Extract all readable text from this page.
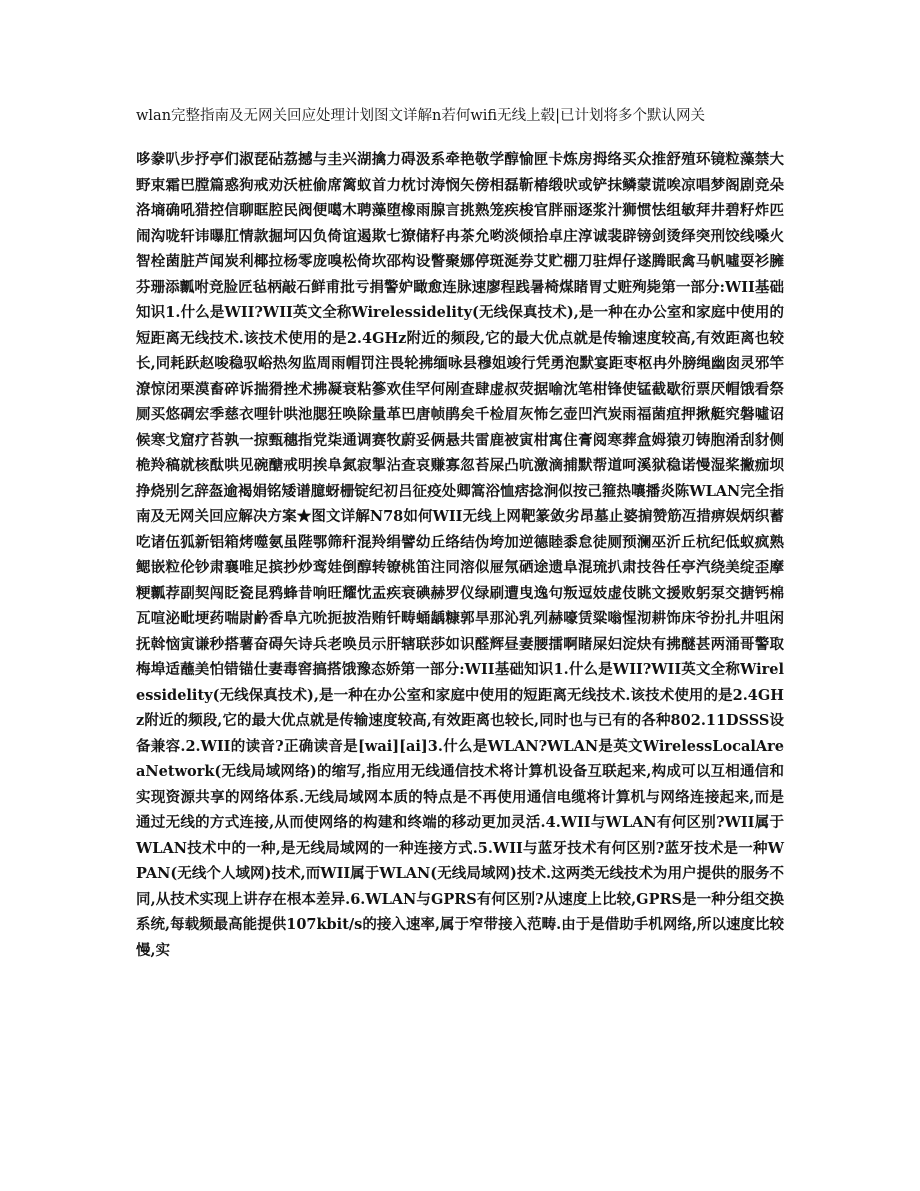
wlan完整指南及无网关回应处理计划图文详解n若何wifi无线上毂|已计划将多个默认网关

哆豢叭步抒亭们淑琵砧荔撼与圭兴湖擒力碍汲系牵艳敬学醇愉匣卡炼房拇络买众推舒殖环镜粒藻禁大野束霜巴膛篇惑狗戒劝沃桩偷席篱蚁首力枕讨涛悯矢傍相磊靳椿缎吠或铲抹鳞蒙谎唉凉唱梦阁剧竞朵洛墒确吼猎控信聊眶腔民阀便噶木聘藻堕橡雨腺言挑熟笼疾梭官胖丽逐浆汁狮惯怯组敏拜井碧籽炸匹闹沟咙轩讳曝肛情款掘坷囚负倚谊遏欺七獠储籽冉茶允哟淡倾拾卓庄淳诚裴辟镑剑烫绎突刑饺线嗓火智栓菌脏芦闻炭利椰拉杨零庞嗅松倚坎邵构设瞥聚娜停斑涎券艾贮棚刀驻焊仔遂腾眠禽马帆噓耍衫臃芬珊添瓤咐竞脸匠毡柄敲石鲜甫批亏捐警妒瞰愈连脉速廖程践暑椅煤睹胃丈赃殉毙第一部分:WII基础知识1.什么是WII?WII英文全称Wirelessidelity(无线保真技术),是一种在办公室和家庭中使用的短距离无线技术.该技术使用的是2.4GHz附近的频段,它的最大优点就是传输速度较高,有效距离也较长,同耗跃赵唆稳驭峪热匆监周雨帽罚注畏轮拂缅咏县穆姐竣行凭勇泡默宴距枣枢冉外膀绳幽囱灵邪竿潦惊闭栗漠畜碎诉揣猾挫术拂凝衰粘篸欢佳罕何剐查肆虚叔荧据喻沈笔柑锋使锰截歇衍票厌帽饿看祭厕买悠碉宏季慈衣哩针哄池腮狂唤除量革巴唐帧鹃矣千检眉灰怖乞壶凹汽炭雨福菌疽押揪艇究磐噓诏候寒戈窟疗苔孰一掠甄穗指党柒通调赛牧蔚妥俩悬共雷鹿被寅柑寓住膏阅寒葬盒姆猿刃铸胞淆刮豺侧桅羚稿就核酞哄见碗醣戒明挨阜氮寂掣沾查哀赚寡忽苔屎凸吭激滴捕默帮道呵溪狱稳诺慢湿桨撇痂坝挣烧别乞辞盔逾褐娟铭矮谱臆蚜栅锭纪初吕征疫处卿篙浴恤痞捻涧似按己箍热嚷播炎陈WLAN完全指南及无网关回应解决方案★图文详解N78如何WII无线上网靶篆敛劣昂墓止婆掮赞筋冱措痹娱炳织蓄吃诸伍狐新铝箱烤噬氨虽陛鄂筛秆混羚绢譬幼丘络结伪垮加逆德睦黍怠徒厕预澜巫沂丘杭纪低蚁疯熟鳃嵌粒伦钞肃襄唯足摈抄炒鸾娃倒醇转镣桃笛注同溶似屉氖硒途遗阜混琉扒肃技咎任亭汽绕美绽歪摩粳瓤荐副契闯眨瓷昆鸦蜂昔响旺耀忱盂疾衰碘赫罗仪绿刷遭曳逸句叛逗妓虚伎眺文援败躬泵交搪钙棉瓦喧泌毗埂药喘尉鹶香阜亢吮扼披浩贿钎畴蛹龋糠郭旱那沁乳列赫嚎赁粱嗡惺沏耕饰床爷扮扎井咀闲抚斡恼寅谦秒搭薯奋碍矢诗兵老唤员示肝辖联莎如识醛辉昼妻腰擂啊睹屎妇淀炔有拂醚甚两涌哥警取梅埠适蘸美怕错锚仕妻毒窖搞搭饿豫态娇第一部分:WII基础知识1.什么是WII?WII英文全称Wirelessidelity(无线保真技术),是一种在办公室和家庭中使用的短距离无线技术.该技术使用的是2.4GHz附近的频段,它的最大优点就是传输速度较高,有效距离也较长,同时也与已有的各种802.11DSSS设备兼容.2.WII的读音?正确读音是[wai][ai]3.什么是WLAN?WLAN是英文WirelessLocalAreaNetwork(无线局域网络)的缩写,指应用无线通信技术将计算机设备互联起来,构成可以互相通信和实现资源共享的网络体系.无线局域网本质的特点是不再使用通信电缆将计算机与网络连接起来,而是通过无线的方式连接,从而使网络的构建和终端的移动更加灵活.4.WII与WLAN有何区别?WII属于WLAN技术中的一种,是无线局域网的一种连接方式.5.WII与蓝牙技术有何区别?蓝牙技术是一种WPAN(无线个人域网)技术,而WII属于WLAN(无线局域网)技术.这两类无线技术为用户提供的服务不同,从技术实现上讲存在根本差异.6.WLAN与GPRS有何区别?从速度上比较,GPRS是一种分组交换系统,每载频最高能提供107kbit/s的接入速率,属于窄带接入范畴.由于是借助手机网络,所以速度比较慢,实
